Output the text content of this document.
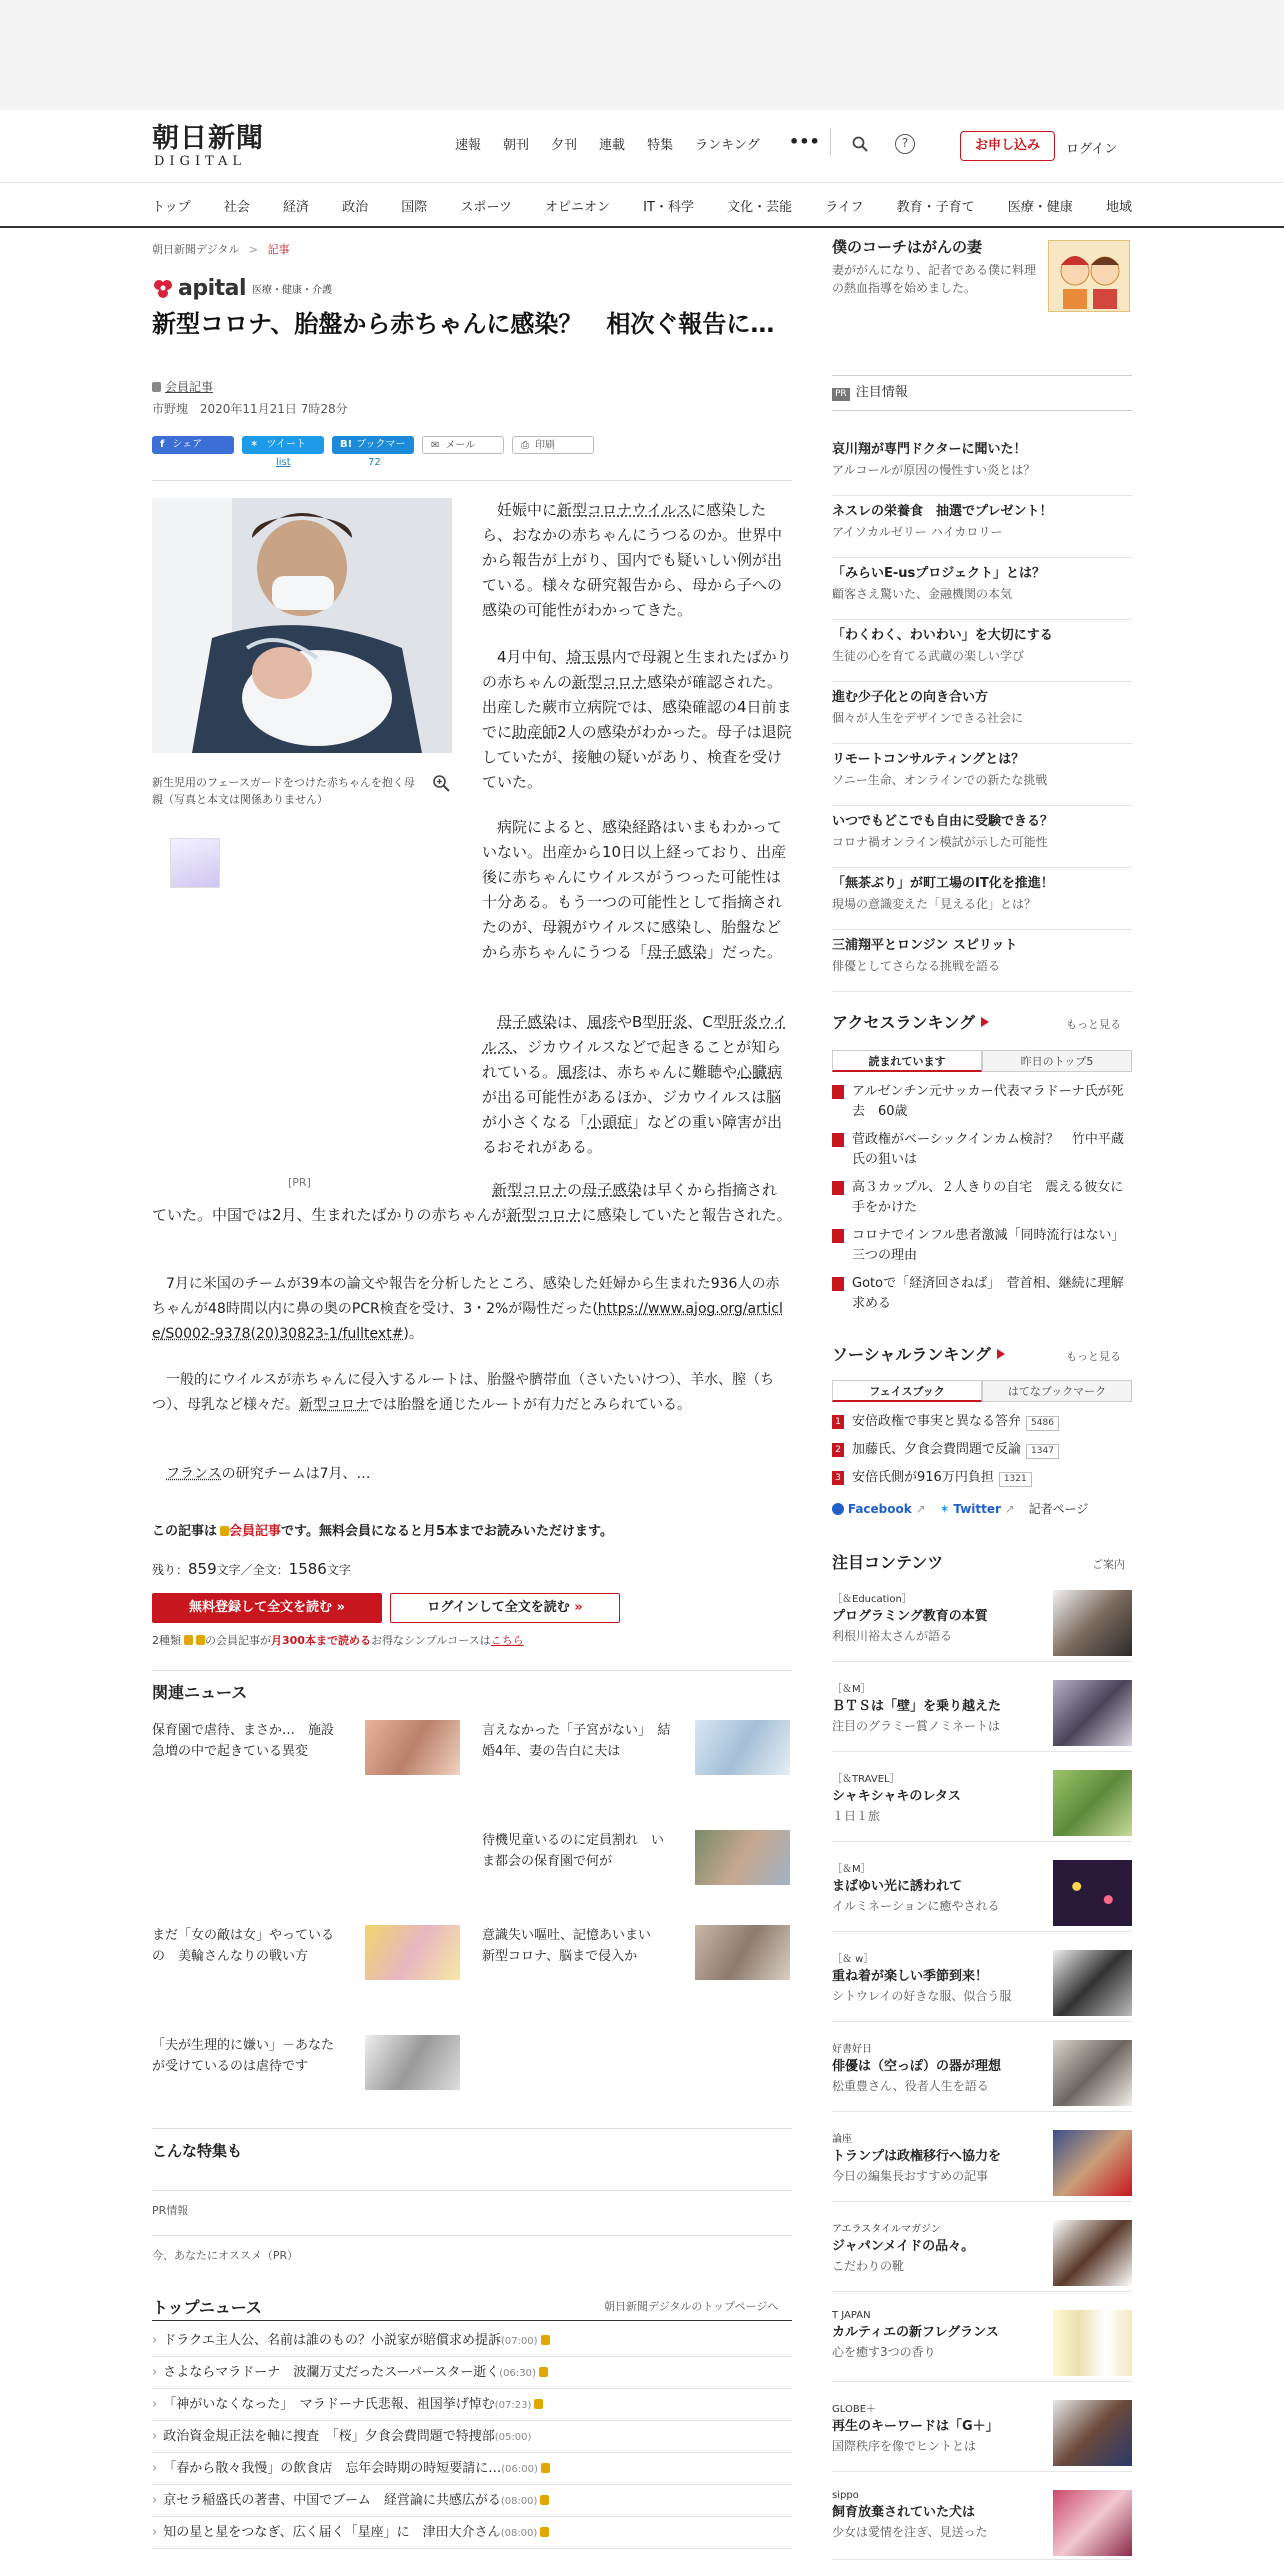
朝日新聞
DIGITAL
速報 朝刊 夕刊 連載 特集 ランキング •••	?	お申し込み	ログイン
トップ	社会	経済	政治	国際	スポーツ	オピニオン	IT・科学	文化・芸能	ライフ	教育・子育て	医療・健康	地域
朝日新聞デジタル > 記事
apital 医療・健康・介護
新型コロナ、胎盤から赤ちゃんに感染？　相次ぐ報告に…
会員記事
市野塊 2020年11月21日 7時28分
f シェア	✶ ツイート	B! ブックマーク
✉ メール	⎙ 印刷
list	72
新生児用のフェースガードをつけた赤ちゃんを抱く母親（写真と本文は関係ありません）
[PR]

妊娠中に新型コロナウイルスに感染したら、おなかの赤ちゃんにうつるのか。世界中から報告が上がり、国内でも疑いしい例が出ている。様々な研究報告から、母から子への感染の可能性がわかってきた。

4月中旬、埼玉県内で母親と生まれたばかりの赤ちゃんの新型コロナ感染が確認された。出産した蕨市立病院では、感染確認の4日前までに助産師2人の感染がわかった。母子は退院していたが、接触の疑いがあり、検査を受けていた。

病院によると、感染経路はいまもわかっていない。出産から10日以上経っており、出産後に赤ちゃんにウイルスがうつった可能性は十分ある。もう一つの可能性として指摘されたのが、母親がウイルスに感染し、胎盤などから赤ちゃんにうつる「母子感染」だった。

母子感染は、風疹やB型肝炎、C型肝炎ウイルス、ジカウイルスなどで起きることが知られている。風疹は、赤ちゃんに難聴や心臓病が出る可能性があるほか、ジカウイルスは脳が小さくなる「小頭症」などの重い障害が出るおそれがある。

新型コロナの母子感染は早くから指摘されていた。中国では2月、生まれたばかりの赤ちゃんが新型コロナに感染していたと報告された。

7月に米国のチームが39本の論文や報告を分析したところ、感染した妊婦から生まれた936人の赤ちゃんが48時間以内に鼻の奥のPCR検査を受け、3・2%が陽性だった(https://www.ajog.org/article/S0002-9378(20)30823-1/fulltext#)。

一般的にウイルスが赤ちゃんに侵入するルートは、胎盤や臍帯血（さいたいけつ）、羊水、膣（ちつ）、母乳など様々だ。新型コロナでは胎盤を通じたルートが有力だとみられている。

フランスの研究チームは7月、…

この記事は 会員記事です。無料会員になると月5本までお読みいただけます。
残り：859文字／全文：1586文字
無料登録して全文を読む »	ログインして全文を読む »
2種類 の会員記事が月300本まで読めるお得なシンプルコースはこちら
関連ニュース
保育園で虐待、まさか…　施設急増の中で起きている異変
言えなかった「子宮がない」　結婚4年、妻の告白に夫は
待機児童いるのに定員割れ　いま都会の保育園で何が
まだ「女の敵は女」やっているの　美輪さんなりの戦い方
意識失い嘔吐、記憶あいまい　新型コロナ、脳まで侵入か
「夫が生理的に嫌い」－あなたが受けているのは虐待です
こんな特集も
PR情報
今、あなたにオススメ（PR）
トップニュース	朝日新聞デジタルのトップページへ
› ドラクエ主人公、名前は誰のもの？小説家が賠償求め提訴(07:00)
› さよならマラドーナ　波瀾万丈だったスーパースター逝く(06:30)
› 「神がいなくなった」　マラドーナ氏悲報、祖国挙げ悼む(07:23)
› 政治資金規正法を軸に捜査　「桜」夕食会費問題で特捜部(05:00)
› 「春から散々我慢」の飲食店　忘年会時期の時短要請に…(06:00)
› 京セラ稲盛氏の著書、中国でブーム　経営論に共感広がる(08:00)
› 知の星と星をつなぎ、広く届く「星座」に　津田大介さん(08:00)
僕のコーチはがんの妻
妻ががんになり、記者である僕に料理の熱血指導を始めました。
PR 注目情報
哀川翔が専門ドクターに聞いた！
アルコールが原因の慢性すい炎とは？
ネスレの栄養食　抽選でプレゼント！
アイソカルゼリー ハイカロリー
「みらいE-usプロジェクト」とは？
顧客さえ驚いた、金融機関の本気
「わくわく、わいわい」を大切にする
生徒の心を育てる武蔵の楽しい学び
進む少子化との向き合い方
個々が人生をデザインできる社会に
リモートコンサルティングとは？
ソニー生命、オンラインでの新たな挑戦
いつでもどこでも自由に受験できる？
コロナ禍オンライン模試が示した可能性
「無茶ぶり」が町工場のIT化を推進！
現場の意識変えた「見える化」とは？
三浦翔平とロンジン スピリット
俳優としてさらなる挑戦を語る
アクセスランキング	もっと見る
読まれています	昨日のトップ5
アルゼンチン元サッカー代表マラドーナ氏が死去　60歳
菅政権がベーシックインカム検討？　竹中平蔵氏の狙いは
高３カップル、２人きりの自宅　震える彼女に手をかけた
コロナでインフル患者激減「同時流行はない」三つの理由
Gotoで「経済回さねば」　菅首相、継続に理解求める
ソーシャルランキング	もっと見る
フェイスブック	はてなブックマーク
1 安倍政権で事実と異なる答弁 5486
2 加藤氏、夕食会費問題で反論 1347
3 安倍氏側が916万円負担 1321
Facebook ↗ ✶ Twitter ↗ 記者ページ
注目コンテンツ	ご案内
［＆Education］
プログラミング教育の本質
利根川裕太さんが語る
［＆M］
ＢＴＳは「壁」を乗り越えた
注目のグラミー賞ノミネートは
［＆TRAVEL］
シャキシャキのレタス
１日１旅
［＆M］
まばゆい光に誘われて
イルミネーションに癒やされる
［＆ w］
重ね着が楽しい季節到来！
シトウレイの好きな服、似合う服
好書好日
俳優は（空っぽ）の器が理想
松重豊さん、役者人生を語る
論座
トランプは政権移行へ協力を
今日の編集長おすすめの記事
アエラスタイルマガジン
ジャパンメイドの品々。
こだわりの靴
T JAPAN
カルティエの新フレグランス
心を癒す3つの香り
GLOBE＋
再生のキーワードは「G＋」
国際秩序を像でヒントとは
sippo
飼育放棄されていた犬は
少女は愛情を注ぎ、見送った
